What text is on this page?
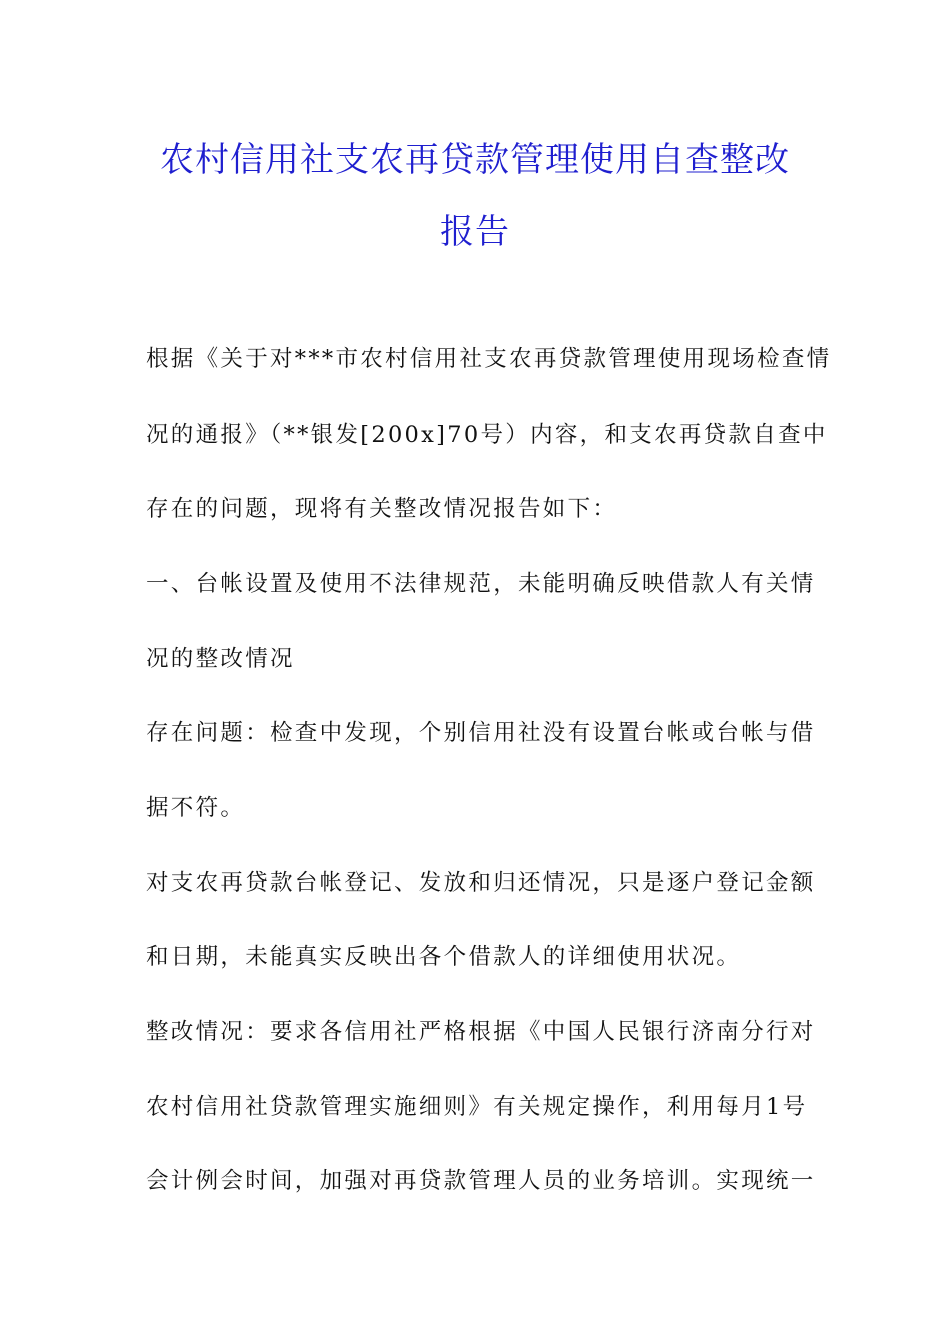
农村信用社支农再贷款管理使用自查整改
报告

根据《关于对***市农村信用社支农再贷款管理使用现场检查情

况的通报》（**银发[200x]70号）内容，和支农再贷款自查中

存在的问题，现将有关整改情况报告如下：

一、台帐设置及使用不法律规范，未能明确反映借款人有关情

况的整改情况

存在问题：检查中发现，个别信用社没有设置台帐或台帐与借

据不符。

对支农再贷款台帐登记、发放和归还情况，只是逐户登记金额

和日期，未能真实反映出各个借款人的详细使用状况。

整改情况：要求各信用社严格根据《中国人民银行济南分行对

农村信用社贷款管理实施细则》有关规定操作，利用每月1号

会计例会时间，加强对再贷款管理人员的业务培训。实现统一
